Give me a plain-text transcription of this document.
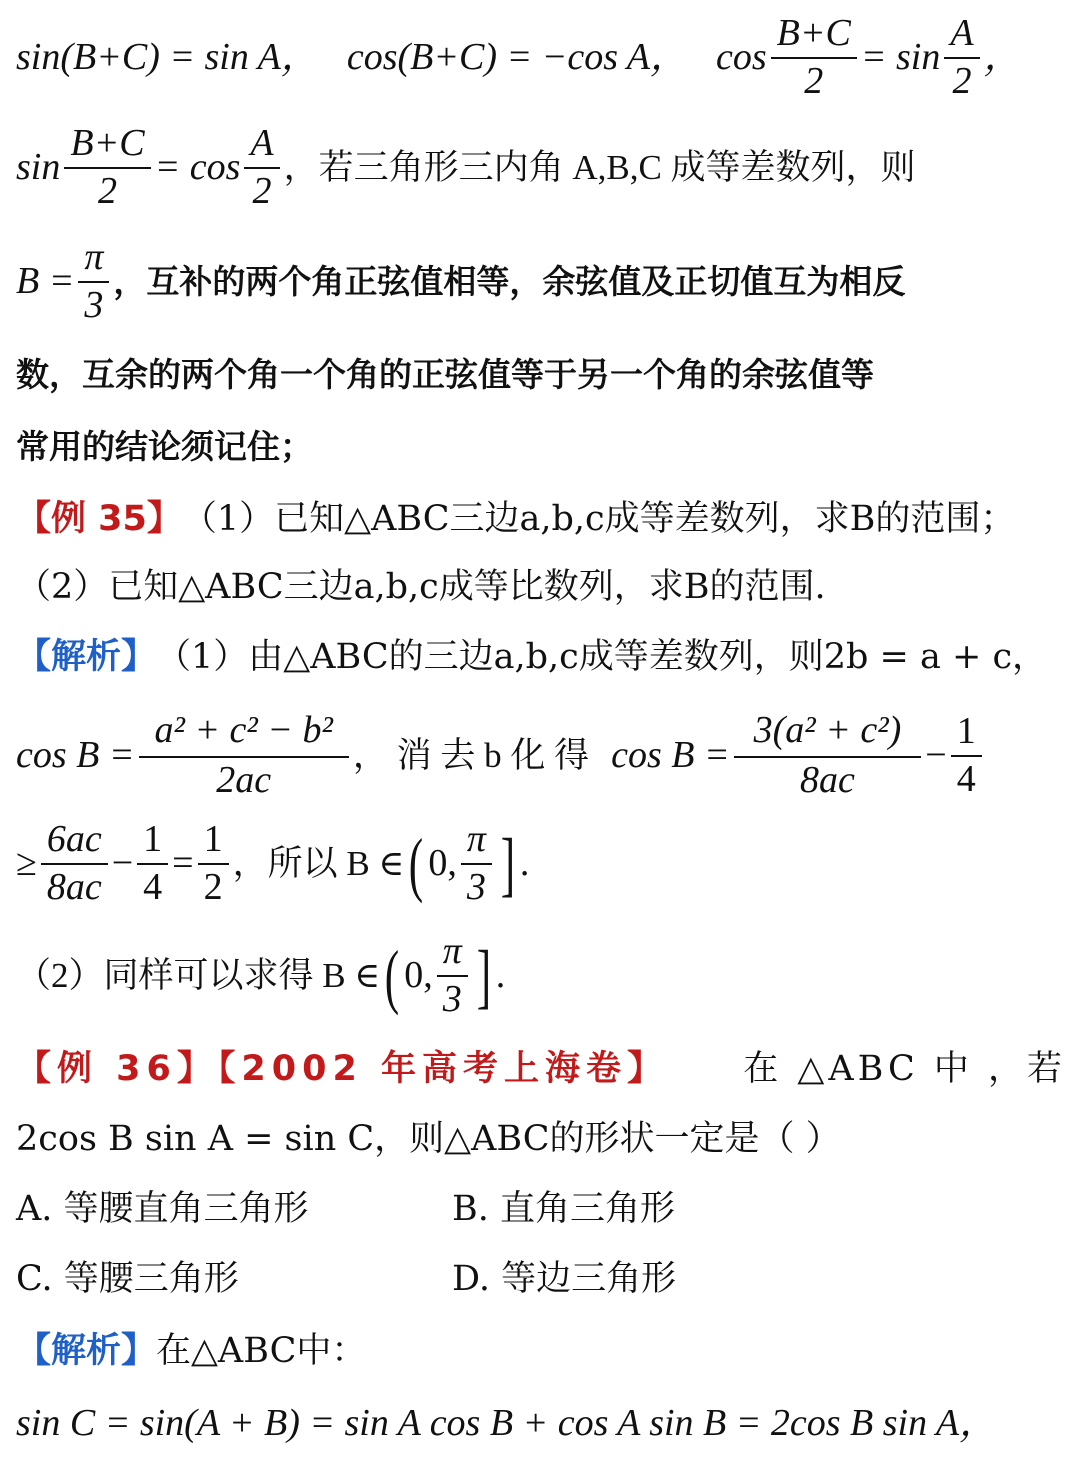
sin(B+C) = sin A， cos(B+C) = −cos A， $\cos \frac{B+C}{2} = \sin \frac{A}{2}$ ，
$\sin \frac{B+C}{2} = \cos \frac{A}{2}$ ，若三角形三内角 A,B,C 成等差数列，则
$B = \frac{\pi}{3}$ ，互补的两个角正弦值相等，余弦值及正切值互为相反
数，互余的两个角一个角的正弦值等于另一个角的余弦值等
常用的结论须记住；
【例 35】 （1）已知△ABC三边a,b,c成等差数列，求B的范围；
（2）已知△ABC三边a,b,c成等比数列，求B的范围.
【解析】 （1）由△ABC的三边a,b,c成等差数列，则2b = a + c，
$\cos B = \frac{\text{a² + c² − b²}}{2ac}$ ， 消 去 b 化 得 $\cos B = \frac{\text{3(a² + c²)}}{8ac} - \frac{1}{4}$
≥ $\frac{6ac}{8ac} - \frac{1}{4} = \frac{1}{2}$ ，所以 B ∈ ( 0, $\frac{\pi}{3}$ ] .
（2）同样可以求得 B ∈ ( 0, $\frac{\pi}{3}$ ] .
【例 36】【2002 年高考上海卷】 在 △ABC 中 ，若
2cos B sin A = sin C，则△ABC的形状一定是（ ）
A. 等腰直角三角形	B. 直角三角形
C. 等腰三角形	D. 等边三角形
【解析】 在△ABC中：
sin C = sin(A + B) = sin A cos B + cos A sin B = 2cos B sin A，
